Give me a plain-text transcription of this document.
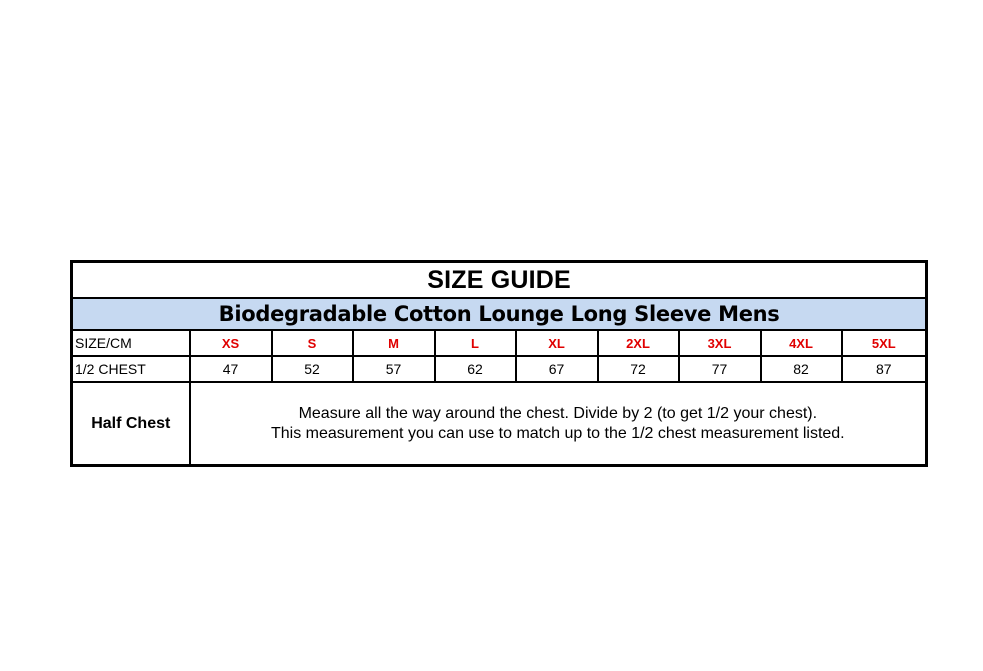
SIZE GUIDE									
Biodegradable Cotton Lounge Long Sleeve Mens									
SIZE/CM	XS	S	M	L	XL	2XL	3XL	4XL	5XL
1/2 CHEST	47	52	57	62	67	72	77	82	87
Half Chest	Measure all the way around the chest. Divide by 2 (to get 1/2 your chest).
This measurement you can use to match up to the 1/2 chest measurement listed.								
